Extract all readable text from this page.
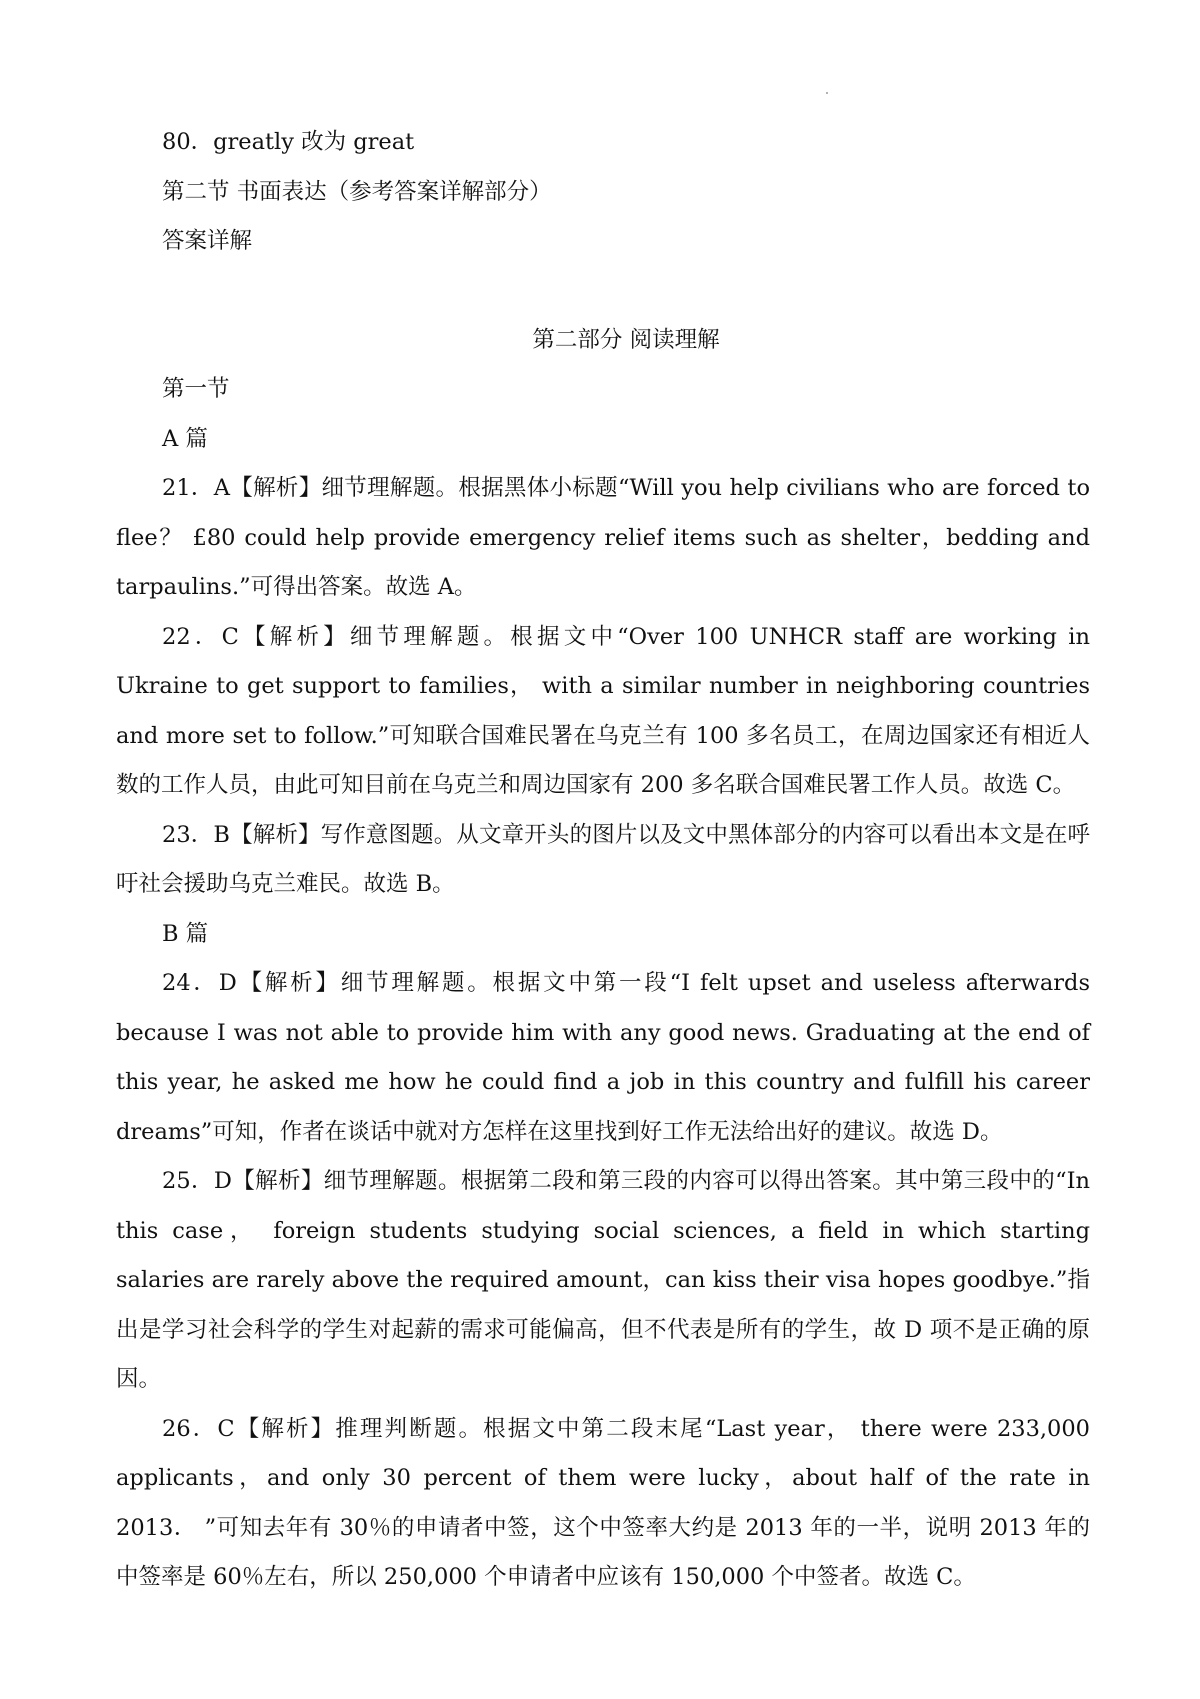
80．greatly 改为 great
第二节 书面表达（参考答案详解部分）
答案详解
第二部分 阅读理解
第一节
A 篇

21．A【解析】细节理解题。根据黑体小标题“Will you help civilians who are forced to flee？ £80 could help provide emergency relief items such as shelter，bedding and tarpaulins.”可得出答案。故选 A。

22．C【解析】细节理解题。根据文中“Over 100 UNHCR staff are working in Ukraine to get support to families， with a similar number in neighboring countries and more set to follow.”可知联合国难民署在乌克兰有 100 多名员工，在周边国家还有相近人数的工作人员，由此可知目前在乌克兰和周边国家有 200 多名联合国难民署工作人员。故选 C。

23．B【解析】写作意图题。从文章开头的图片以及文中黑体部分的内容可以看出本文是在呼吁社会援助乌克兰难民。故选 B。

B 篇

24．D【解析】细节理解题。根据文中第一段“I felt upset and useless afterwards because I was not able to provide him with any good news. Graduating at the end of this year, he asked me how he could find a job in this country and fulfill his career dreams”可知，作者在谈话中就对方怎样在这里找到好工作无法给出好的建议。故选 D。

25．D【解析】细节理解题。根据第二段和第三段的内容可以得出答案。其中第三段中的“In this case， foreign students studying social sciences, a field in which starting salaries are rarely above the required amount，can kiss their visa hopes goodbye.”指出是学习社会科学的学生对起薪的需求可能偏高，但不代表是所有的学生，故 D 项不是正确的原因。

26．C【解析】推理判断题。根据文中第二段末尾“Last year， there were 233,000 applicants，and only 30 percent of them were lucky，about half of the rate in 2013． ”可知去年有 30％的申请者中签，这个中签率大约是 2013 年的一半，说明 2013 年的中签率是 60％左右，所以 250,000 个申请者中应该有 150,000 个中签者。故选 C。
